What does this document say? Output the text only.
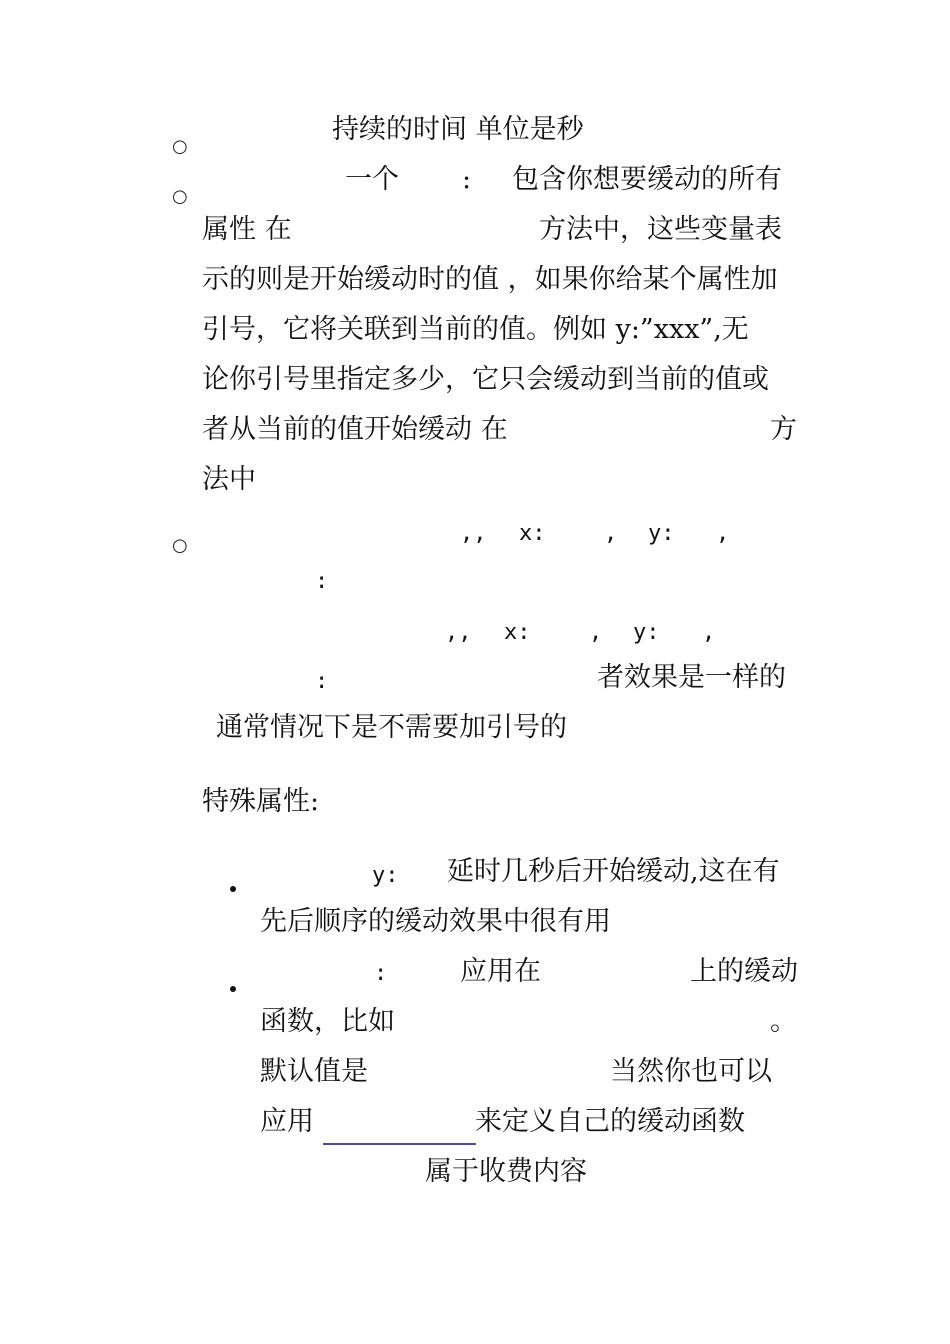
○
○
○
持续的时间 单位是秒
一个 : 包含你想要缓动的所有
属性 在	方法中，这些变量表
示的则是开始缓动时的值 ，如果你给某个属性加
引号，它将关联到当前的值。例如 y:”xxx”,无
论你引号里指定多少，它只会缓动到当前的值或
者从当前的值开始缓动 在	方
法中
,, x:	, y: ,
:
,, x:	, y: ,
:	者效果是一样的
通常情况下是不需要加引号的
特殊属性:
y: 延时几秒后开始缓动,这在有
先后顺序的缓动效果中很有用
:	应用在	上的缓动
函数，比如	。
默认值是	当然你也可以
应用	来定义自己的缓动函数
属于收费内容
